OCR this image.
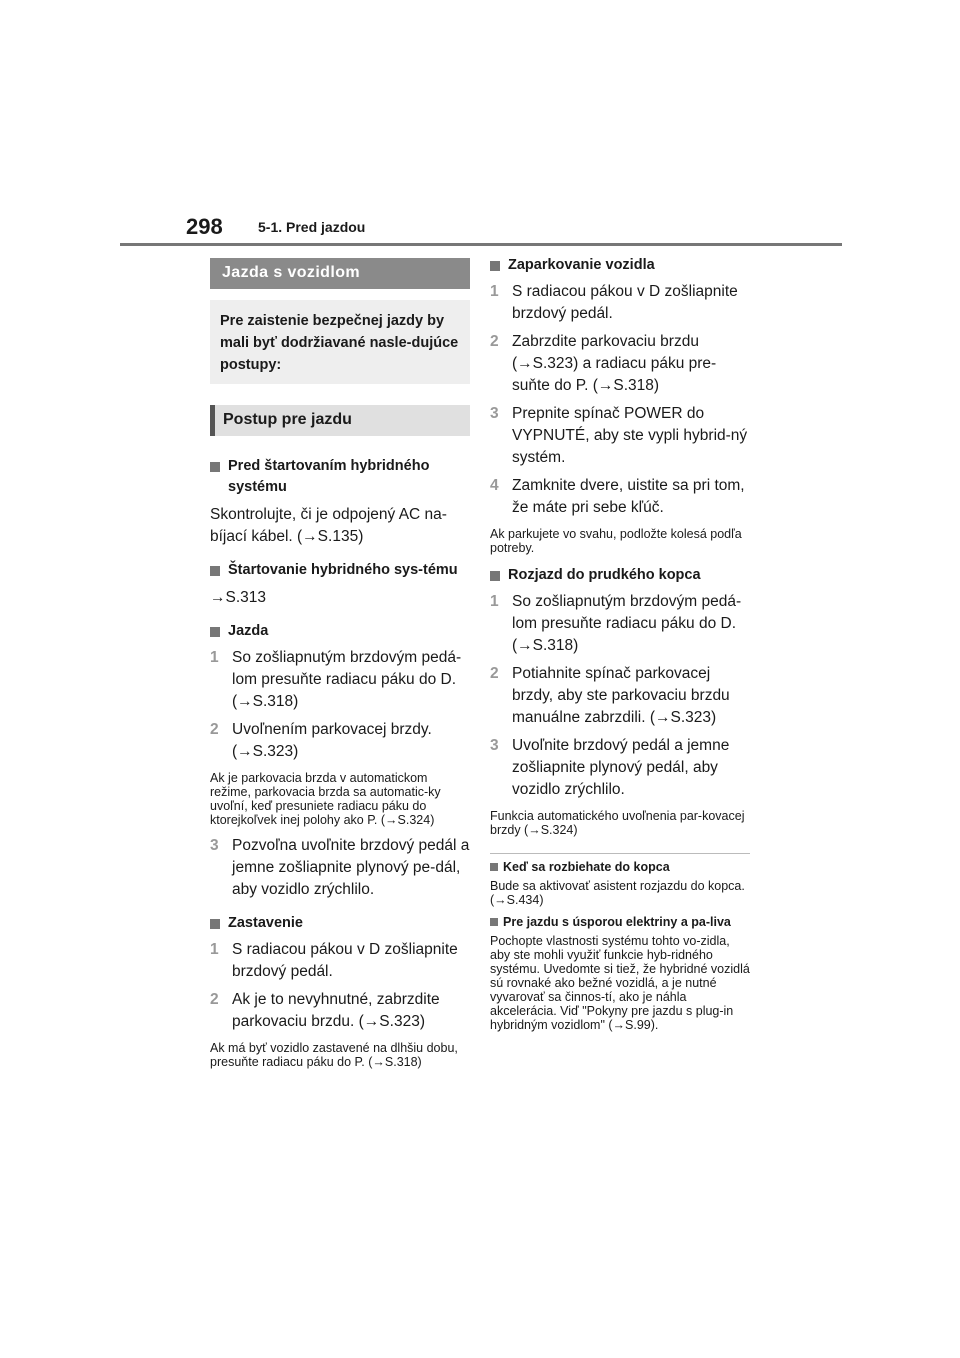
298	5-1. Pred jazdou
Jazda s vozidlom
Pre zaistenie bezpečnej jazdy by mali byť dodržiavané nasle-dujúce postupy:
Postup pre jazdu
Pred štartovaním hybridného systému
Skontrolujte, či je odpojený AC na-bíjací kábel. (→S.135)
Štartovanie hybridného sys-tému
→S.313
Jazda
1 So zošliapnutým brzdovým pedá-lom presuňte radiacu páku do D. (→S.318)
2 Uvoľnením parkovacej brzdy. (→S.323)
Ak je parkovacia brzda v automatickom režime, parkovacia brzda sa automatic-ky uvoľní, keď presuniete radiacu páku do ktorejkoľvek inej polohy ako P. (→S.324)
3 Pozvoľna uvoľnite brzdový pedál a jemne zošliapnite plynový pe-dál, aby vozidlo zrýchlilo.
Zastavenie
1 S radiacou pákou v D zošliapnite brzdový pedál.
2 Ak je to nevyhnutné, zabrzdite parkovaciu brzdu. (→S.323)
Ak má byť vozidlo zastavené na dlhšiu dobu, presuňte radiacu páku do P. (→S.318)
Zaparkovanie vozidla
1 S radiacou pákou v D zošliapnite brzdový pedál.
2 Zabrzdite parkovaciu brzdu (→S.323) a radiacu páku pre-suňte do P. (→S.318)
3 Prepnite spínač POWER do VYPNUTÉ, aby ste vypli hybrid-ný systém.
4 Zamknite dvere, uistite sa pri tom, že máte pri sebe kľúč.
Ak parkujete vo svahu, podložte kolesá podľa potreby.
Rozjazd do prudkého kopca
1 So zošliapnutým brzdovým pedá-lom presuňte radiacu páku do D. (→S.318)
2 Potiahnite spínač parkovacej brzdy, aby ste parkovaciu brzdu manuálne zabrzdili. (→S.323)
3 Uvoľnite brzdový pedál a jemne zošliapnite plynový pedál, aby vozidlo zrýchlilo.
Funkcia automatického uvoľnenia par-kovacej brzdy (→S.324)
Keď sa rozbiehate do kopca
Bude sa aktivovať asistent rozjazdu do kopca. (→S.434)
Pre jazdu s úsporou elektriny a pa-liva
Pochopte vlastnosti systému tohto vo-zidla, aby ste mohli využiť funkcie hyb-ridného systému. Uvedomte si tiež, že hybridné vozidlá sú rovnaké ako bežné vozidlá, a je nutné vyvarovať sa činnos-tí, ako je náhla akcelerácia. Viď "Pokyny pre jazdu s plug-in hybridným vozidlom" (→S.99).
